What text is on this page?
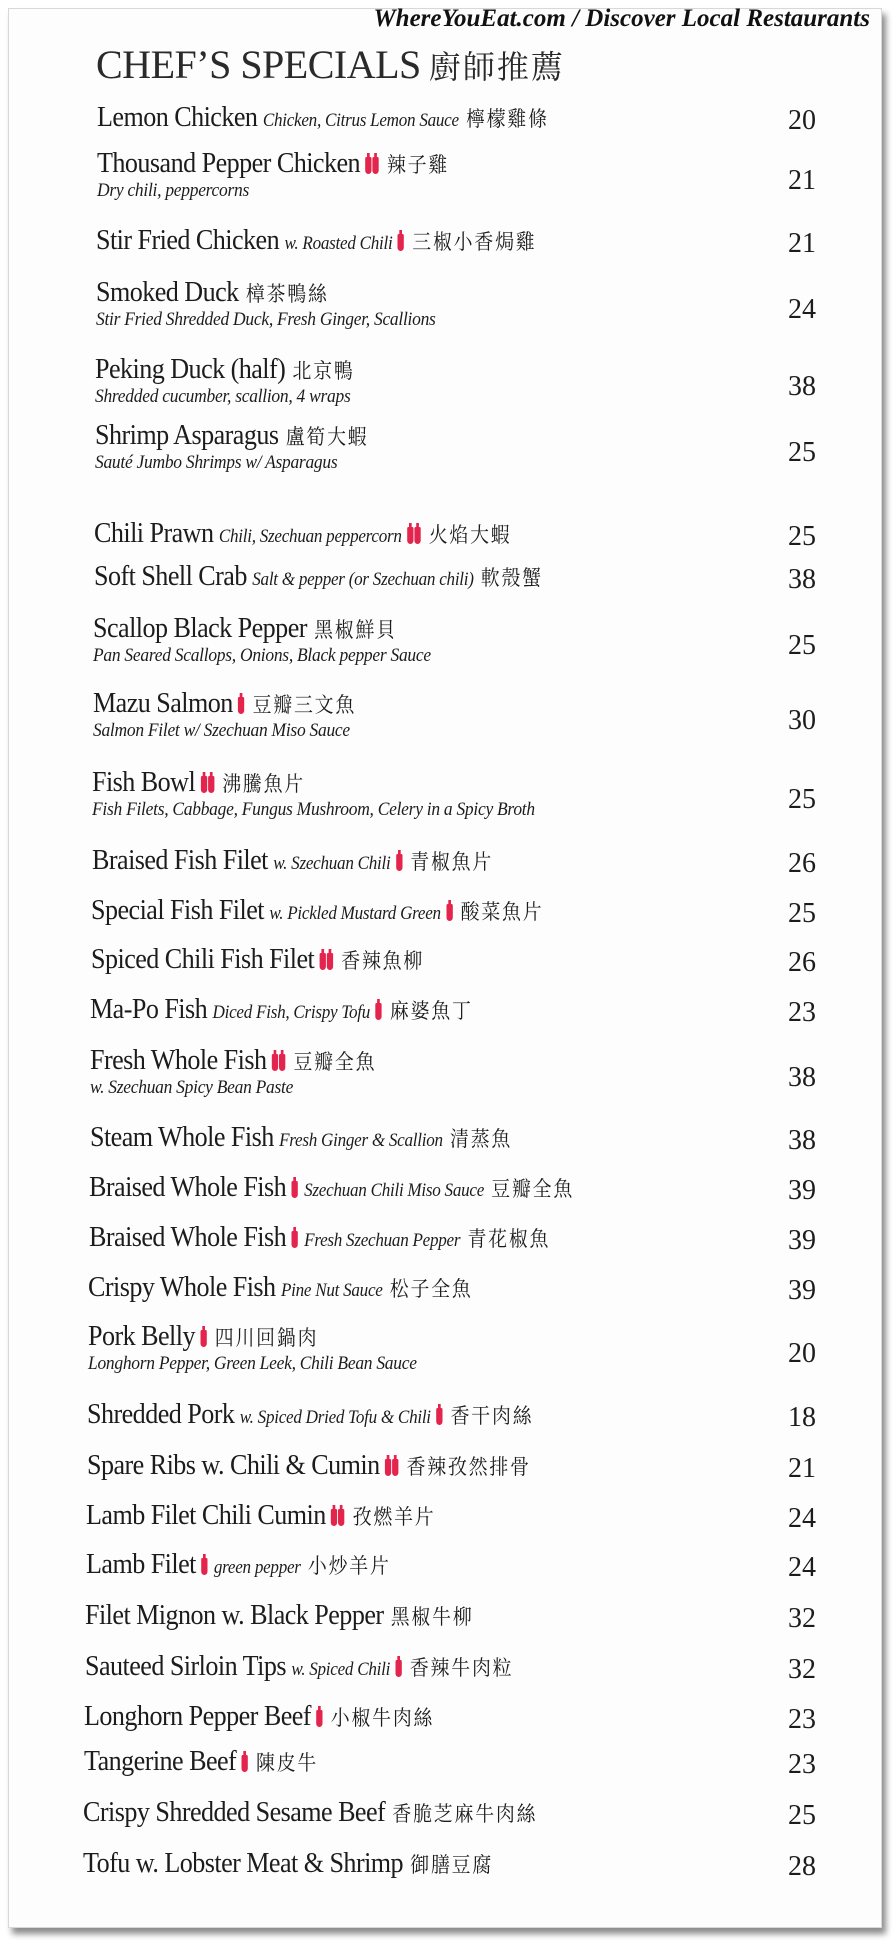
CHEF’S SPECIALS 廚師推薦
WhereYouEat.com / Discover Local Restaurants
Lemon Chicken Chicken, Citrus Lemon Sauce 檸檬雞條	20
Thousand Pepper Chicken 辣子雞
Dry chili, peppercorns	21
Stir Fried Chicken w. Roasted Chili 三椒小香焗雞	21
Smoked Duck 樟茶鴨絲
Stir Fried Shredded Duck, Fresh Ginger, Scallions	24
Peking Duck (half) 北京鴨
Shredded cucumber, scallion, 4 wraps	38
Shrimp Asparagus 盧筍大蝦
Sauté Jumbo Shrimps w/ Asparagus	25
Chili Prawn Chili, Szechuan peppercorn 火焰大蝦	25
Soft Shell Crab Salt & pepper (or Szechuan chili) 軟殼蟹	38
Scallop Black Pepper 黑椒鮮貝
Pan Seared Scallops, Onions, Black pepper Sauce	25
Mazu Salmon 豆瓣三文魚
Salmon Filet w/ Szechuan Miso Sauce	30
Fish Bowl 沸騰魚片
Fish Filets, Cabbage, Fungus Mushroom, Celery in a Spicy Broth	25
Braised Fish Filet w. Szechuan Chili 青椒魚片	26
Special Fish Filet w. Pickled Mustard Green 酸菜魚片	25
Spiced Chili Fish Filet 香辣魚柳	26
Ma-Po Fish Diced Fish, Crispy Tofu 麻婆魚丁	23
Fresh Whole Fish 豆瓣全魚
w. Szechuan Spicy Bean Paste	38
Steam Whole Fish Fresh Ginger & Scallion 清蒸魚	38
Braised Whole Fish Szechuan Chili Miso Sauce 豆瓣全魚	39
Braised Whole Fish Fresh Szechuan Pepper 青花椒魚	39
Crispy Whole Fish Pine Nut Sauce 松子全魚	39
Pork Belly 四川回鍋肉
Longhorn Pepper, Green Leek, Chili Bean Sauce	20
Shredded Pork w. Spiced Dried Tofu & Chili 香干肉絲	18
Spare Ribs w. Chili & Cumin 香辣孜然排骨	21
Lamb Filet Chili Cumin 孜燃羊片	24
Lamb Filet green pepper 小炒羊片	24
Filet Mignon w. Black Pepper 黑椒牛柳	32
Sauteed Sirloin Tips w. Spiced Chili 香辣牛肉粒	32
Longhorn Pepper Beef 小椒牛肉絲	23
Tangerine Beef 陳皮牛	23
Crispy Shredded Sesame Beef 香脆芝麻牛肉絲	25
Tofu w. Lobster Meat & Shrimp 御膳豆腐	28
